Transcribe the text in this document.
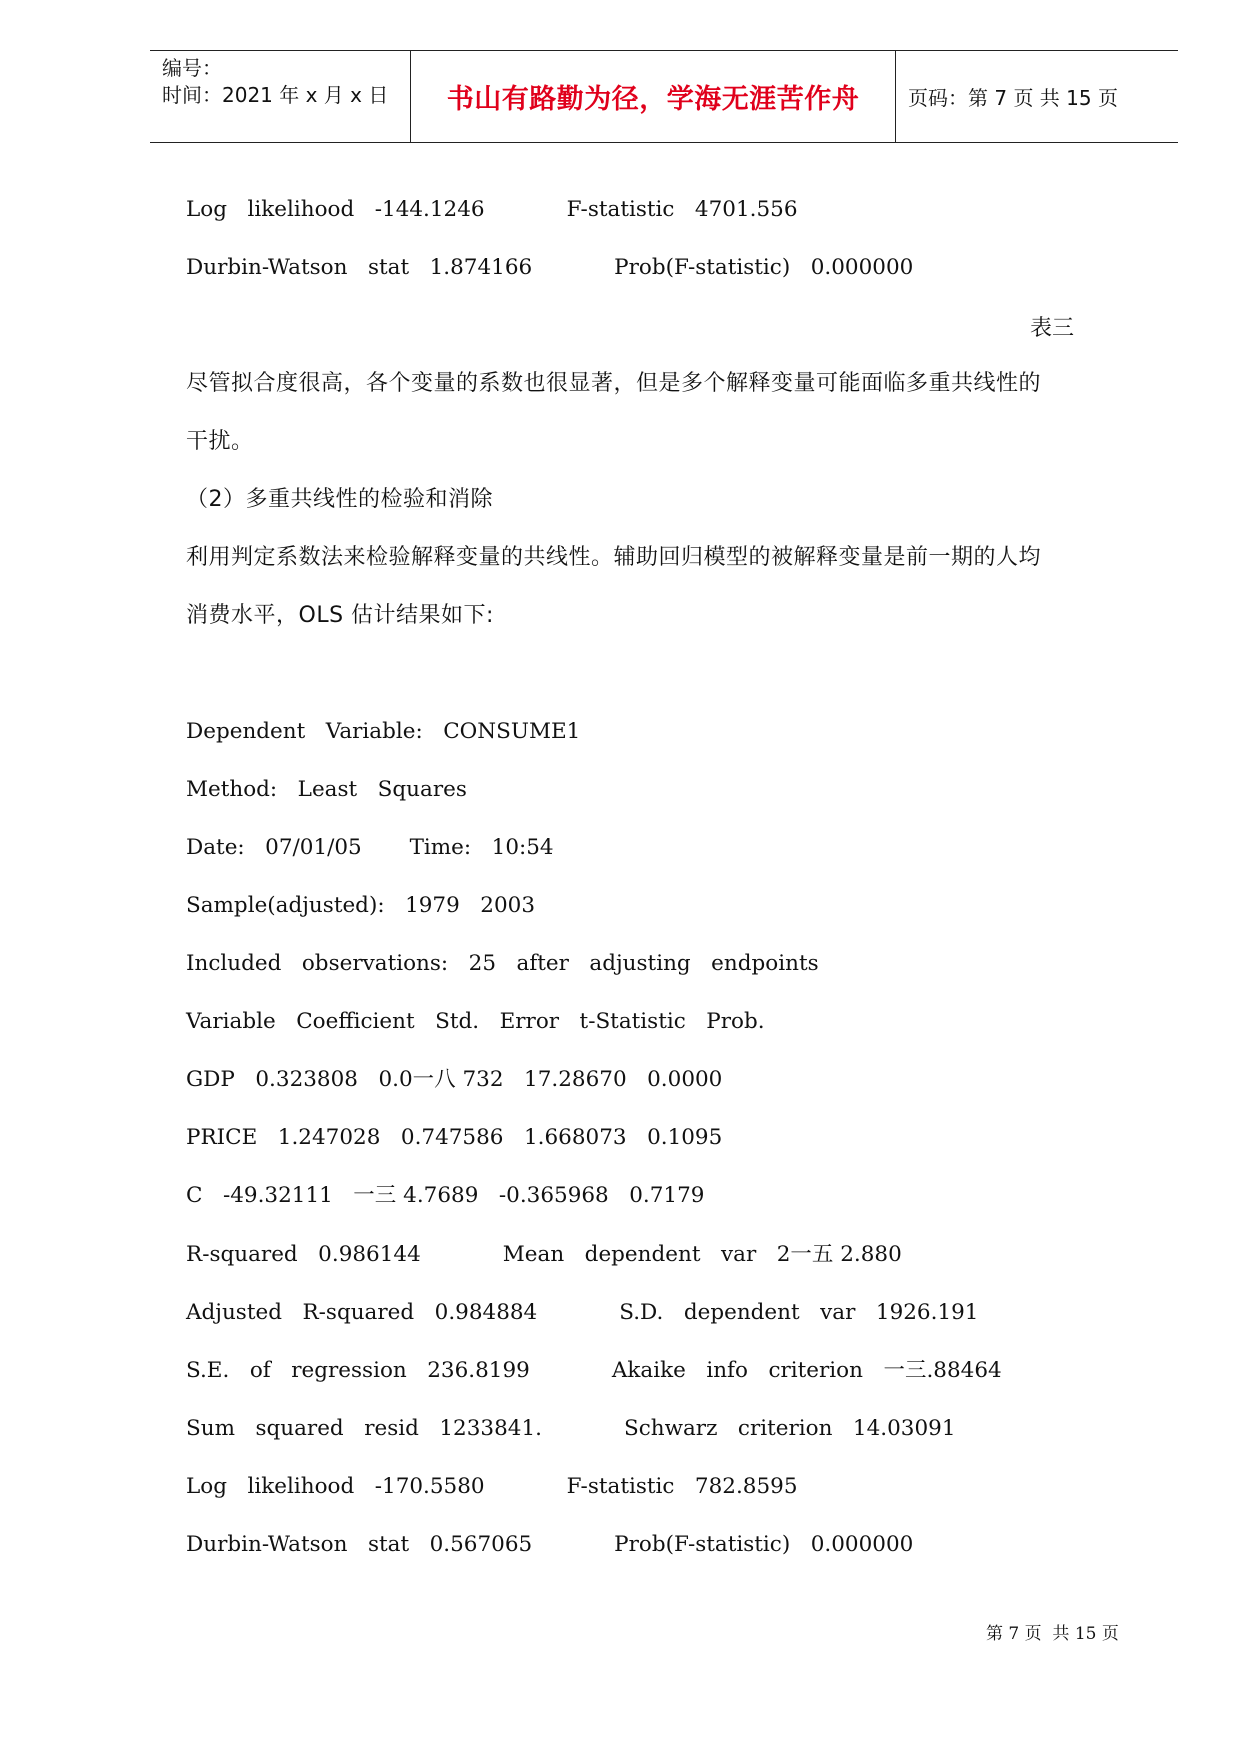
编号：
时间：2021 年 x 月 x 日	书山有路勤为径，学海无涯苦作舟	页码：第 7 页 共 15 页
Log   likelihood   -144.1246            F-statistic   4701.556
Durbin-Watson   stat   1.874166            Prob(F-statistic)   0.000000
尽管拟合度很高，各个变量的系数也很显著，但是多个解释变量可能面临多重共线性的
干扰。
（2）多重共线性的检验和消除
利用判定系数法来检验解释变量的共线性。辅助回归模型的被解释变量是前一期的人均
消费水平，OLS 估计结果如下:
Dependent   Variable:   CONSUME1
Method:   Least   Squares
Date:   07/01/05       Time:   10:54
Sample(adjusted):   1979   2003
Included   observations:   25   after   adjusting   endpoints
Variable   Coefficient   Std.   Error   t-Statistic   Prob.
GDP   0.323808   0.0一八 732   17.28670   0.0000
PRICE   1.247028   0.747586   1.668073   0.1095
C   -49.32111   一三 4.7689   -0.365968   0.7179
R-squared   0.986144            Mean   dependent   var   2一五 2.880
Adjusted   R-squared   0.984884            S.D.   dependent   var   1926.191
S.E.   of   regression   236.8199            Akaike   info   criterion   一三.88464
Sum   squared   resid   1233841.            Schwarz   criterion   14.03091
Log   likelihood   -170.5580            F-statistic   782.8595
Durbin-Watson   stat   0.567065            Prob(F-statistic)   0.000000
表三
第 7 页  共 15 页
